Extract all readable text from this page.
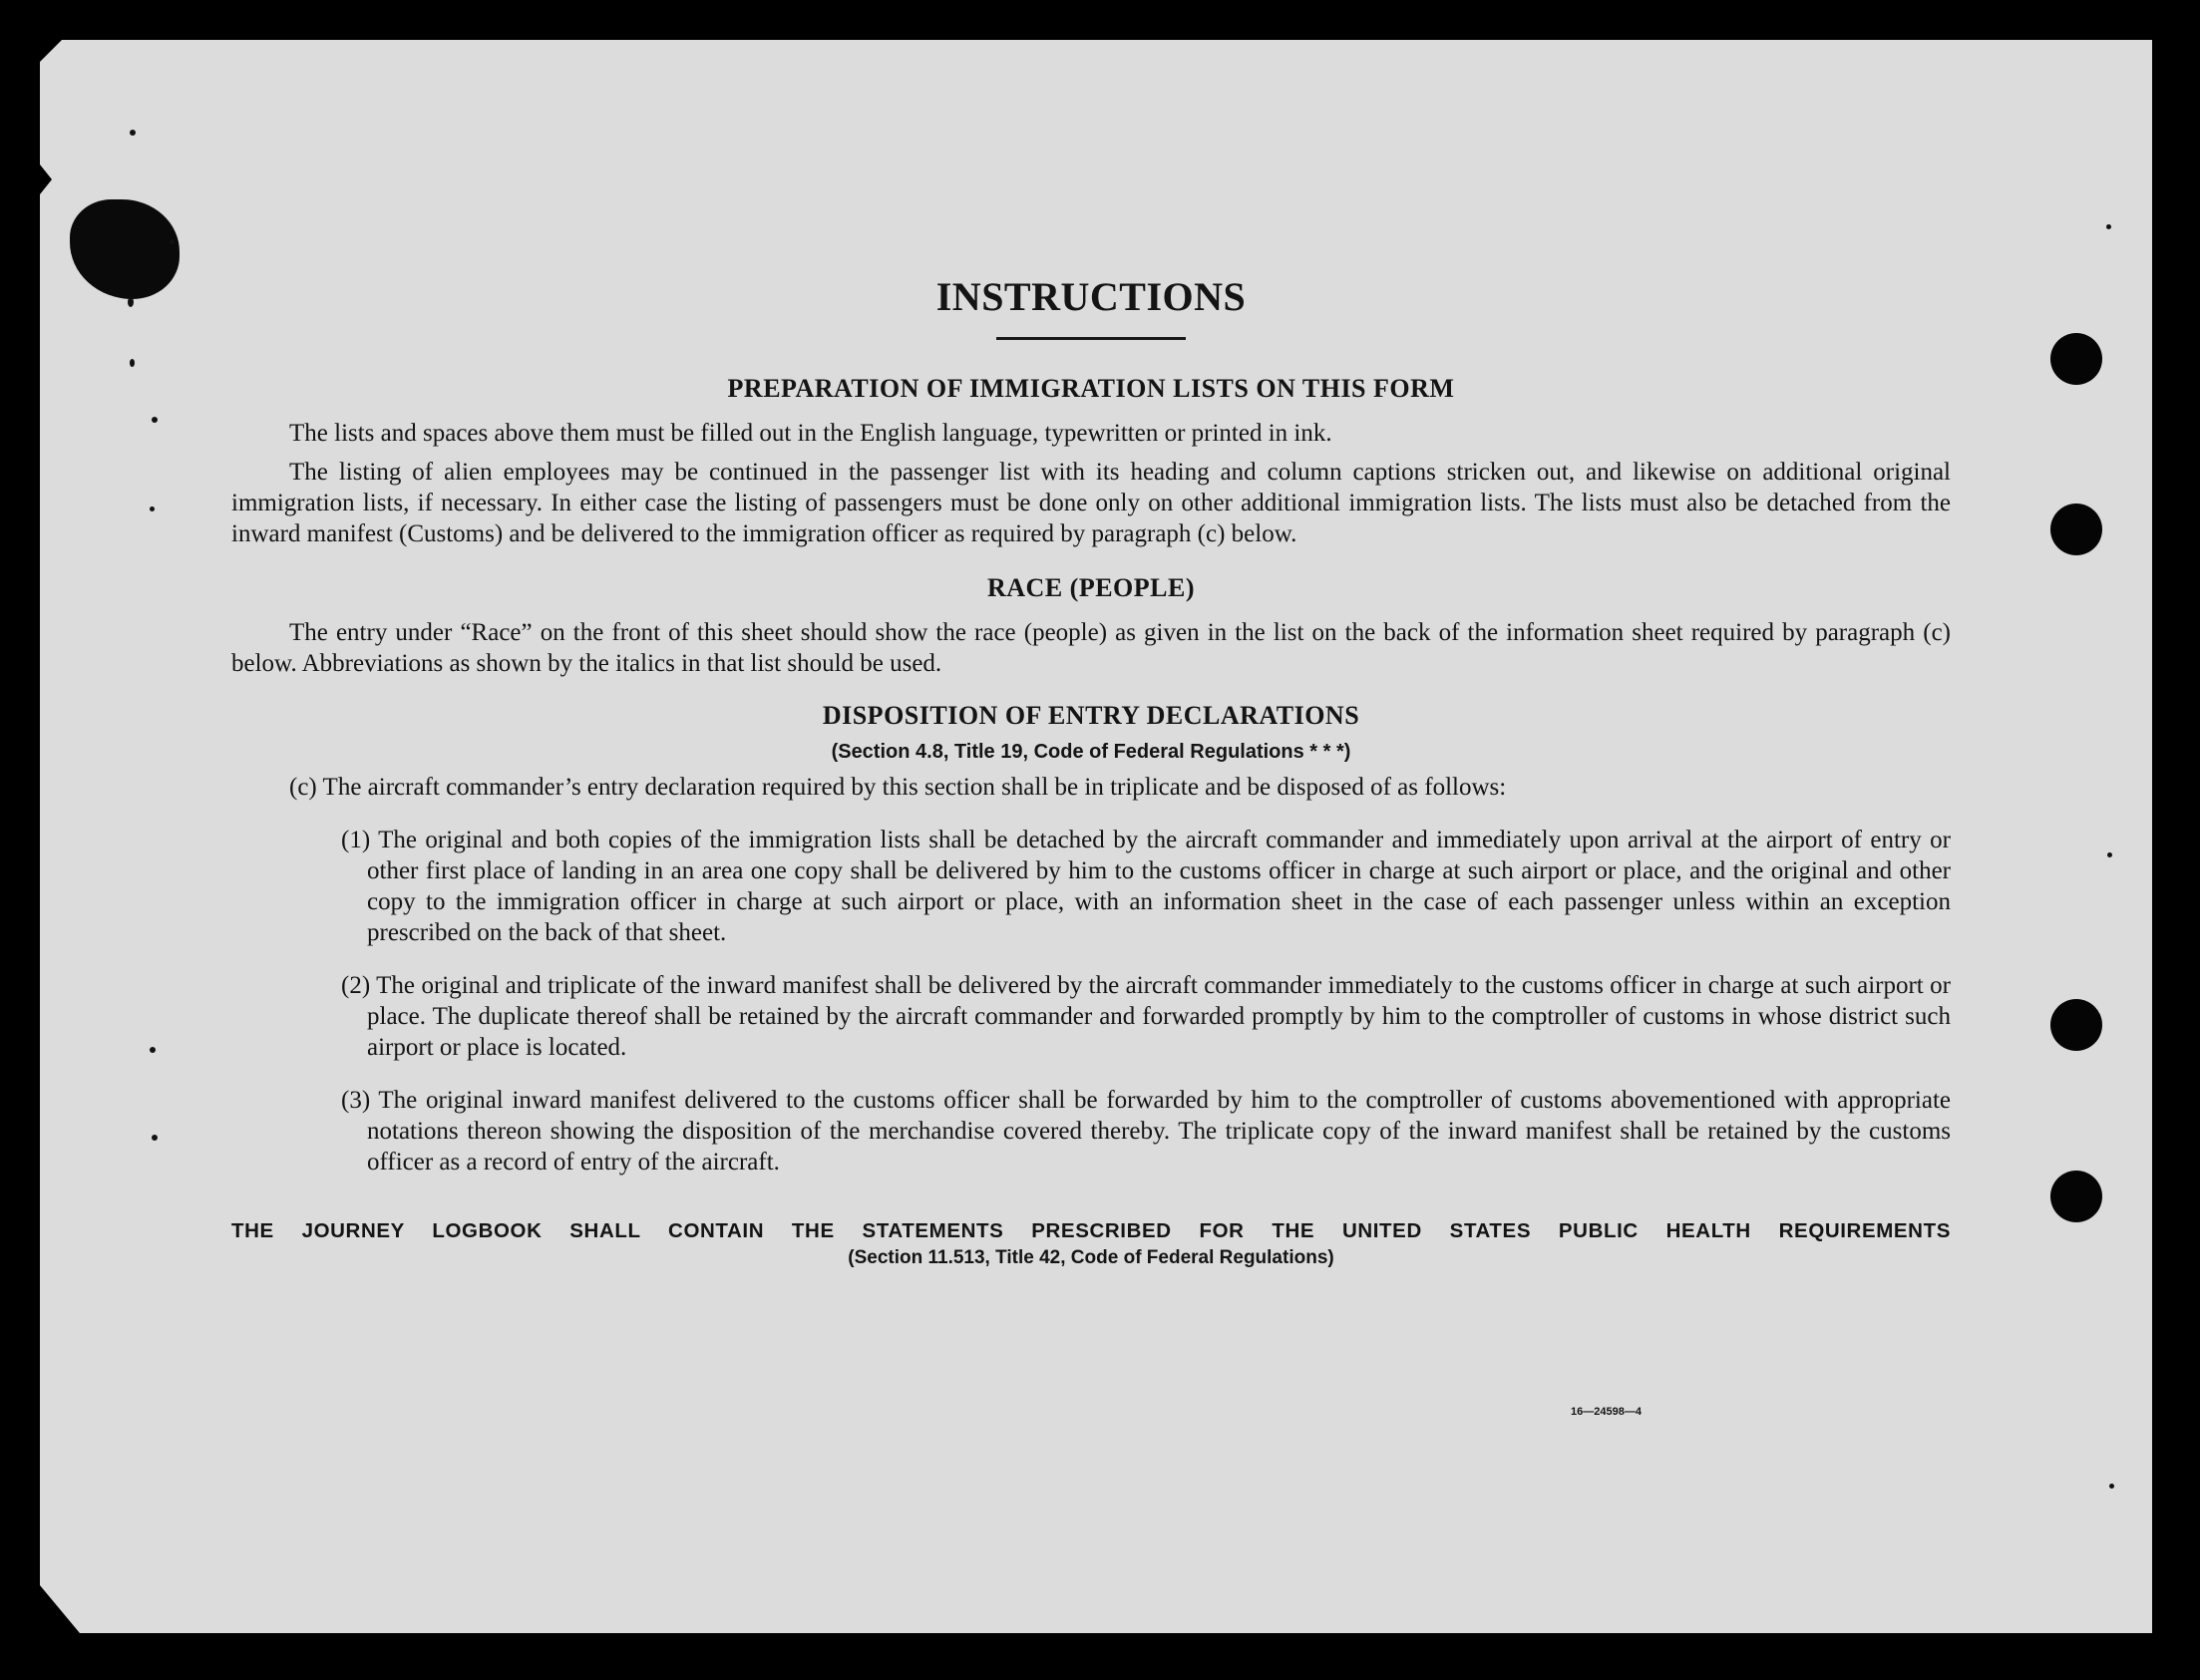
INSTRUCTIONS
PREPARATION OF IMMIGRATION LISTS ON THIS FORM

The lists and spaces above them must be filled out in the English language, typewritten or printed in ink.

The listing of alien employees may be continued in the passenger list with its heading and column captions stricken out, and likewise on additional original immigration lists, if necessary. In either case the listing of passengers must be done only on other additional immigration lists. The lists must also be detached from the inward manifest (Customs) and be delivered to the immigration officer as required by paragraph (c) below.

RACE (PEOPLE)

The entry under “Race” on the front of this sheet should show the race (people) as given in the list on the back of the information sheet required by paragraph (c) below. Abbreviations as shown by the italics in that list should be used.

DISPOSITION OF ENTRY DECLARATIONS

(Section 4.8, Title 19, Code of Federal Regulations * * *)

(c) The aircraft commander’s entry declaration required by this section shall be in triplicate and be disposed of as follows:

(1) The original and both copies of the immigration lists shall be detached by the aircraft commander and immediately upon arrival at the airport of entry or other first place of landing in an area one copy shall be delivered by him to the customs officer in charge at such airport or place, and the original and other copy to the immigration officer in charge at such airport or place, with an information sheet in the case of each passenger unless within an exception prescribed on the back of that sheet.

(2) The original and triplicate of the inward manifest shall be delivered by the aircraft commander immediately to the customs officer in charge at such airport or place. The duplicate thereof shall be retained by the aircraft commander and forwarded promptly by him to the comptroller of customs in whose district such airport or place is located.

(3) The original inward manifest delivered to the customs officer shall be forwarded by him to the comptroller of customs abovementioned with appropriate notations thereon showing the disposition of the merchandise covered thereby. The triplicate copy of the inward manifest shall be retained by the customs officer as a record of entry of the aircraft.

THE JOURNEY LOGBOOK SHALL CONTAIN THE STATEMENTS PRESCRIBED FOR THE UNITED STATES PUBLIC HEALTH REQUIREMENTS

(Section 11.513, Title 42, Code of Federal Regulations)

16—24598—4
